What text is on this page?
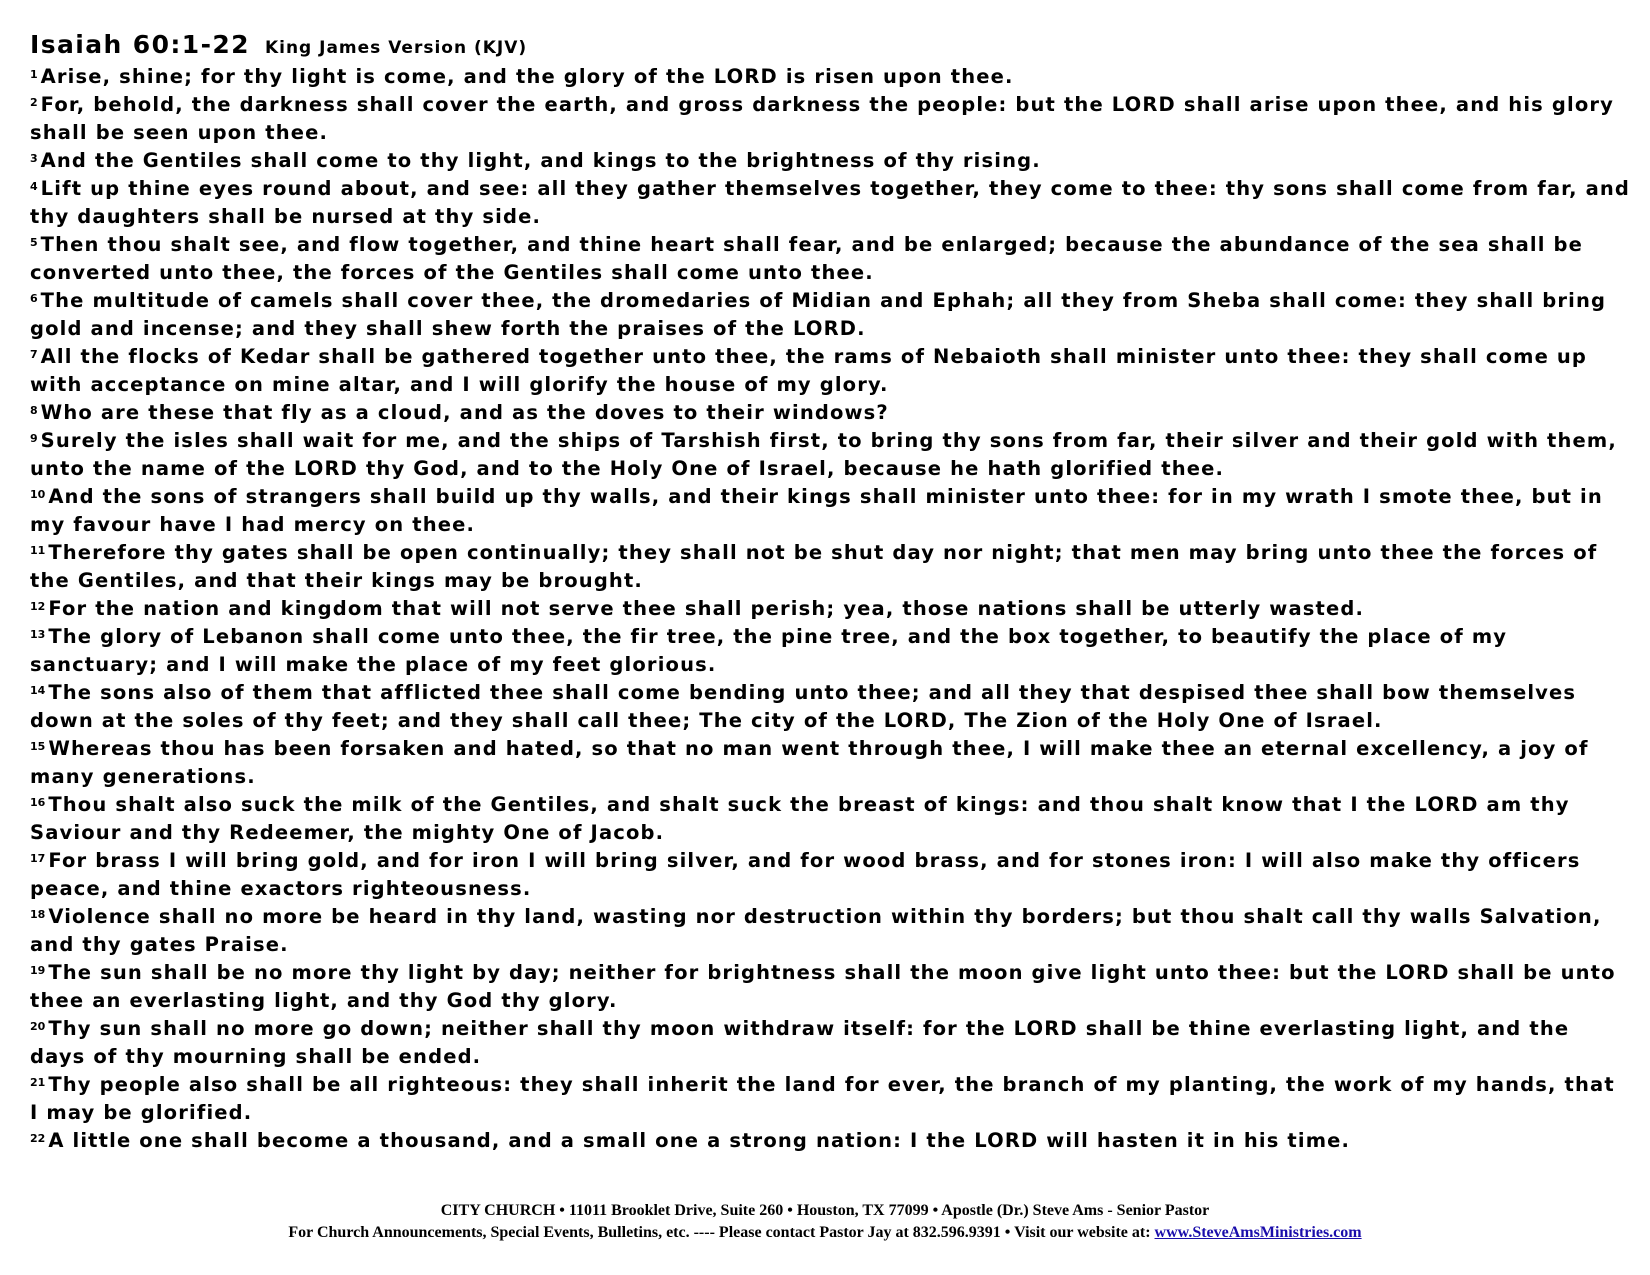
Isaiah 60:1-22 King James Version (KJV)
$^1$ Arise, shine; for thy light is come, and the glory of the LORD is risen upon thee.
$^2$ For, behold, the darkness shall cover the earth, and gross darkness the people: but the LORD shall arise upon thee, and his glory shall be seen upon thee.
$^3$ And the Gentiles shall come to thy light, and kings to the brightness of thy rising.
$^4$ Lift up thine eyes round about, and see: all they gather themselves together, they come to thee: thy sons shall come from far, and thy daughters shall be nursed at thy side.
$^5$ Then thou shalt see, and flow together, and thine heart shall fear, and be enlarged; because the abundance of the sea shall be converted unto thee, the forces of the Gentiles shall come unto thee.
$^6$ The multitude of camels shall cover thee, the dromedaries of Midian and Ephah; all they from Sheba shall come: they shall bring gold and incense; and they shall shew forth the praises of the LORD.
$^7$ All the flocks of Kedar shall be gathered together unto thee, the rams of Nebaioth shall minister unto thee: they shall come up with acceptance on mine altar, and I will glorify the house of my glory.
$^8$ Who are these that fly as a cloud, and as the doves to their windows?
$^9$ Surely the isles shall wait for me, and the ships of Tarshish first, to bring thy sons from far, their silver and their gold with them, unto the name of the LORD thy God, and to the Holy One of Israel, because he hath glorified thee.
$^{10}$ And the sons of strangers shall build up thy walls, and their kings shall minister unto thee: for in my wrath I smote thee, but in my favour have I had mercy on thee.
$^{11}$ Therefore thy gates shall be open continually; they shall not be shut day nor night; that men may bring unto thee the forces of the Gentiles, and that their kings may be brought.
$^{12}$ For the nation and kingdom that will not serve thee shall perish; yea, those nations shall be utterly wasted.
$^{13}$ The glory of Lebanon shall come unto thee, the fir tree, the pine tree, and the box together, to beautify the place of my sanctuary; and I will make the place of my feet glorious.
$^{14}$ The sons also of them that afflicted thee shall come bending unto thee; and all they that despised thee shall bow themselves down at the soles of thy feet; and they shall call thee; The city of the LORD, The Zion of the Holy One of Israel.
$^{15}$ Whereas thou has been forsaken and hated, so that no man went through thee, I will make thee an eternal excellency, a joy of many generations.
$^{16}$ Thou shalt also suck the milk of the Gentiles, and shalt suck the breast of kings: and thou shalt know that I the LORD am thy Saviour and thy Redeemer, the mighty One of Jacob.
$^{17}$ For brass I will bring gold, and for iron I will bring silver, and for wood brass, and for stones iron: I will also make thy officers peace, and thine exactors righteousness.
$^{18}$ Violence shall no more be heard in thy land, wasting nor destruction within thy borders; but thou shalt call thy walls Salvation, and thy gates Praise.
$^{19}$ The sun shall be no more thy light by day; neither for brightness shall the moon give light unto thee: but the LORD shall be unto thee an everlasting light, and thy God thy glory.
$^{20}$ Thy sun shall no more go down; neither shall thy moon withdraw itself: for the LORD shall be thine everlasting light, and the days of thy mourning shall be ended.
$^{21}$ Thy people also shall be all righteous: they shall inherit the land for ever, the branch of my planting, the work of my hands, that I may be glorified.
$^{22}$ A little one shall become a thousand, and a small one a strong nation: I the LORD will hasten it in his time.
CITY CHURCH • 11011 Brooklet Drive, Suite 260 • Houston, TX 77099 • Apostle (Dr.) Steve Ams - Senior Pastor
For Church Announcements, Special Events, Bulletins, etc. ---- Please contact Pastor Jay at 832.596.9391 • Visit our website at: www.SteveAmsMinistries.com
